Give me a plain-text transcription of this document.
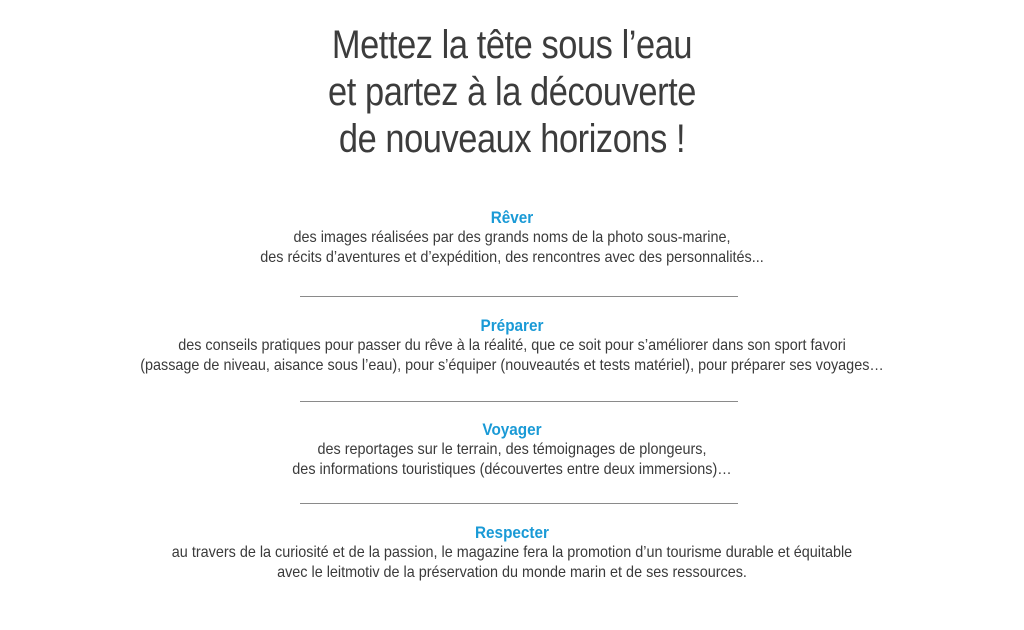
Mettez la tête sous l’eau
et partez à la découverte
de nouveaux horizons !
Rêver
des images réalisées par des grands noms de la photo sous-marine,
des récits d’aventures et d’expédition, des rencontres avec des personnalités...
Préparer
des conseils pratiques pour passer du rêve à la réalité, que ce soit pour s’améliorer dans son sport favori
(passage de niveau, aisance sous l’eau), pour s’équiper (nouveautés et tests matériel), pour préparer ses voyages…
Voyager
des reportages sur le terrain, des témoignages de plongeurs,
des informations touristiques (découvertes entre deux immersions)…
Respecter
au travers de la curiosité et de la passion, le magazine fera la promotion d’un tourisme durable et équitable
avec le leitmotiv de la préservation du monde marin et de ses ressources.
